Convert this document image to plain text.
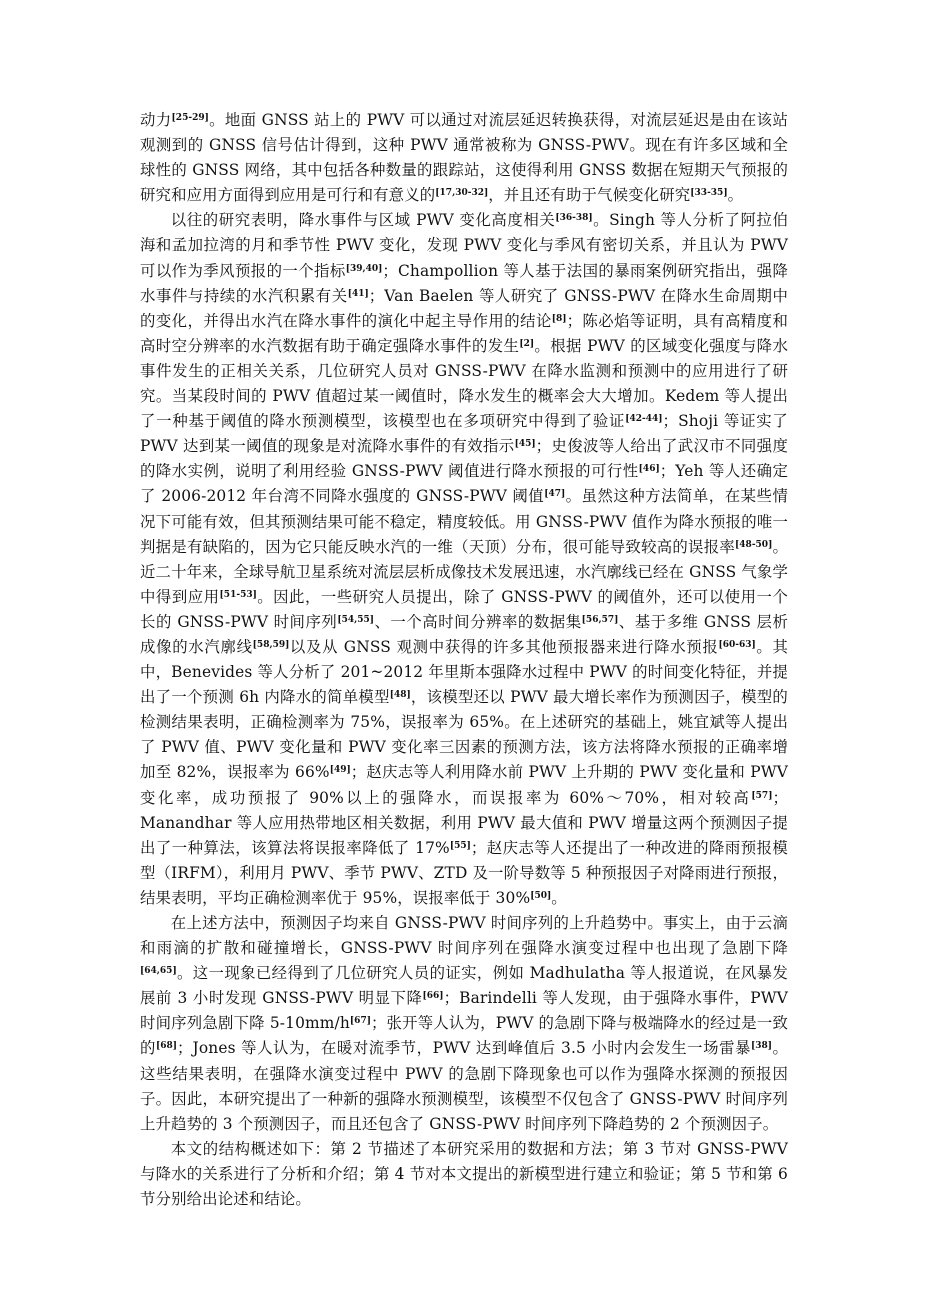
动力[25-29]。地面 GNSS 站上的 PWV 可以通过对流层延迟转换获得，对流层延迟是由在该站观测到的 GNSS 信号估计得到，这种 PWV 通常被称为 GNSS-PWV。现在有许多区域和全球性的 GNSS 网络，其中包括各种数量的跟踪站，这使得利用 GNSS 数据在短期天气预报的研究和应用方面得到应用是可行和有意义的[17,30-32]，并且还有助于气候变化研究[33-35]。

以往的研究表明，降水事件与区域 PWV 变化高度相关[36-38]。Singh 等人分析了阿拉伯海和孟加拉湾的月和季节性 PWV 变化，发现 PWV 变化与季风有密切关系，并且认为 PWV 可以作为季风预报的一个指标[39,40]；Champollion 等人基于法国的暴雨案例研究指出，强降水事件与持续的水汽积累有关[41]；Van Baelen 等人研究了 GNSS-PWV 在降水生命周期中的变化，并得出水汽在降水事件的演化中起主导作用的结论[8]；陈必焰等证明，具有高精度和高时空分辨率的水汽数据有助于确定强降水事件的发生[2]。根据 PWV 的区域变化强度与降水事件发生的正相关关系，几位研究人员对 GNSS-PWV 在降水监测和预测中的应用进行了研究。当某段时间的 PWV 值超过某一阈值时，降水发生的概率会大大增加。Kedem 等人提出了一种基于阈值的降水预测模型，该模型也在多项研究中得到了验证[42-44]；Shoji 等证实了 PWV 达到某一阈值的现象是对流降水事件的有效指示[45]；史俊波等人给出了武汉市不同强度的降水实例，说明了利用经验 GNSS-PWV 阈值进行降水预报的可行性[46]；Yeh 等人还确定了 2006-2012 年台湾不同降水强度的 GNSS-PWV 阈值[47]。虽然这种方法简单，在某些情况下可能有效，但其预测结果可能不稳定，精度较低。用 GNSS-PWV 值作为降水预报的唯一判据是有缺陷的，因为它只能反映水汽的一维（天顶）分布，很可能导致较高的误报率[48-50]。近二十年来，全球导航卫星系统对流层层析成像技术发展迅速，水汽廓线已经在 GNSS 气象学中得到应用[51-53]。因此，一些研究人员提出，除了 GNSS-PWV 的阈值外，还可以使用一个长的 GNSS-PWV 时间序列[54,55]、一个高时间分辨率的数据集[56,57]、基于多维 GNSS 层析成像的水汽廓线[58,59]以及从 GNSS 观测中获得的许多其他预报器来进行降水预报[60-63]。其中，Benevides 等人分析了 201~2012 年里斯本强降水过程中 PWV 的时间变化特征，并提出了一个预测 6h 内降水的简单模型[48]，该模型还以 PWV 最大增长率作为预测因子，模型的检测结果表明，正确检测率为 75%，误报率为 65%。在上述研究的基础上，姚宜斌等人提出了 PWV 值、PWV 变化量和 PWV 变化率三因素的预测方法，该方法将降水预报的正确率增加至 82%，误报率为 66%[49]；赵庆志等人利用降水前 PWV 上升期的 PWV 变化量和 PWV 变化率，成功预报了 90%以上的强降水，而误报率为 60%～70%，相对较高[57]；Manandhar 等人应用热带地区相关数据，利用 PWV 最大值和 PWV 增量这两个预测因子提出了一种算法，该算法将误报率降低了 17%[55]；赵庆志等人还提出了一种改进的降雨预报模型（IRFM），利用月 PWV、季节 PWV、ZTD 及一阶导数等 5 种预报因子对降雨进行预报，结果表明，平均正确检测率优于 95%，误报率低于 30%[50]。

在上述方法中，预测因子均来自 GNSS-PWV 时间序列的上升趋势中。事实上，由于云滴和雨滴的扩散和碰撞增长，GNSS-PWV 时间序列在强降水演变过程中也出现了急剧下降[64,65]。这一现象已经得到了几位研究人员的证实，例如 Madhulatha 等人报道说，在风暴发展前 3 小时发现 GNSS-PWV 明显下降[66]；Barindelli 等人发现，由于强降水事件，PWV 时间序列急剧下降 5-10mm/h[67]；张开等人认为，PWV 的急剧下降与极端降水的经过是一致的[68]；Jones 等人认为，在暖对流季节，PWV 达到峰值后 3.5 小时内会发生一场雷暴[38]。这些结果表明，在强降水演变过程中 PWV 的急剧下降现象也可以作为强降水探测的预报因子。因此，本研究提出了一种新的强降水预测模型，该模型不仅包含了 GNSS-PWV 时间序列上升趋势的 3 个预测因子，而且还包含了 GNSS-PWV 时间序列下降趋势的 2 个预测因子。

本文的结构概述如下：第 2 节描述了本研究采用的数据和方法；第 3 节对 GNSS-PWV 与降水的关系进行了分析和介绍；第 4 节对本文提出的新模型进行建立和验证；第 5 节和第 6 节分别给出论述和结论。
